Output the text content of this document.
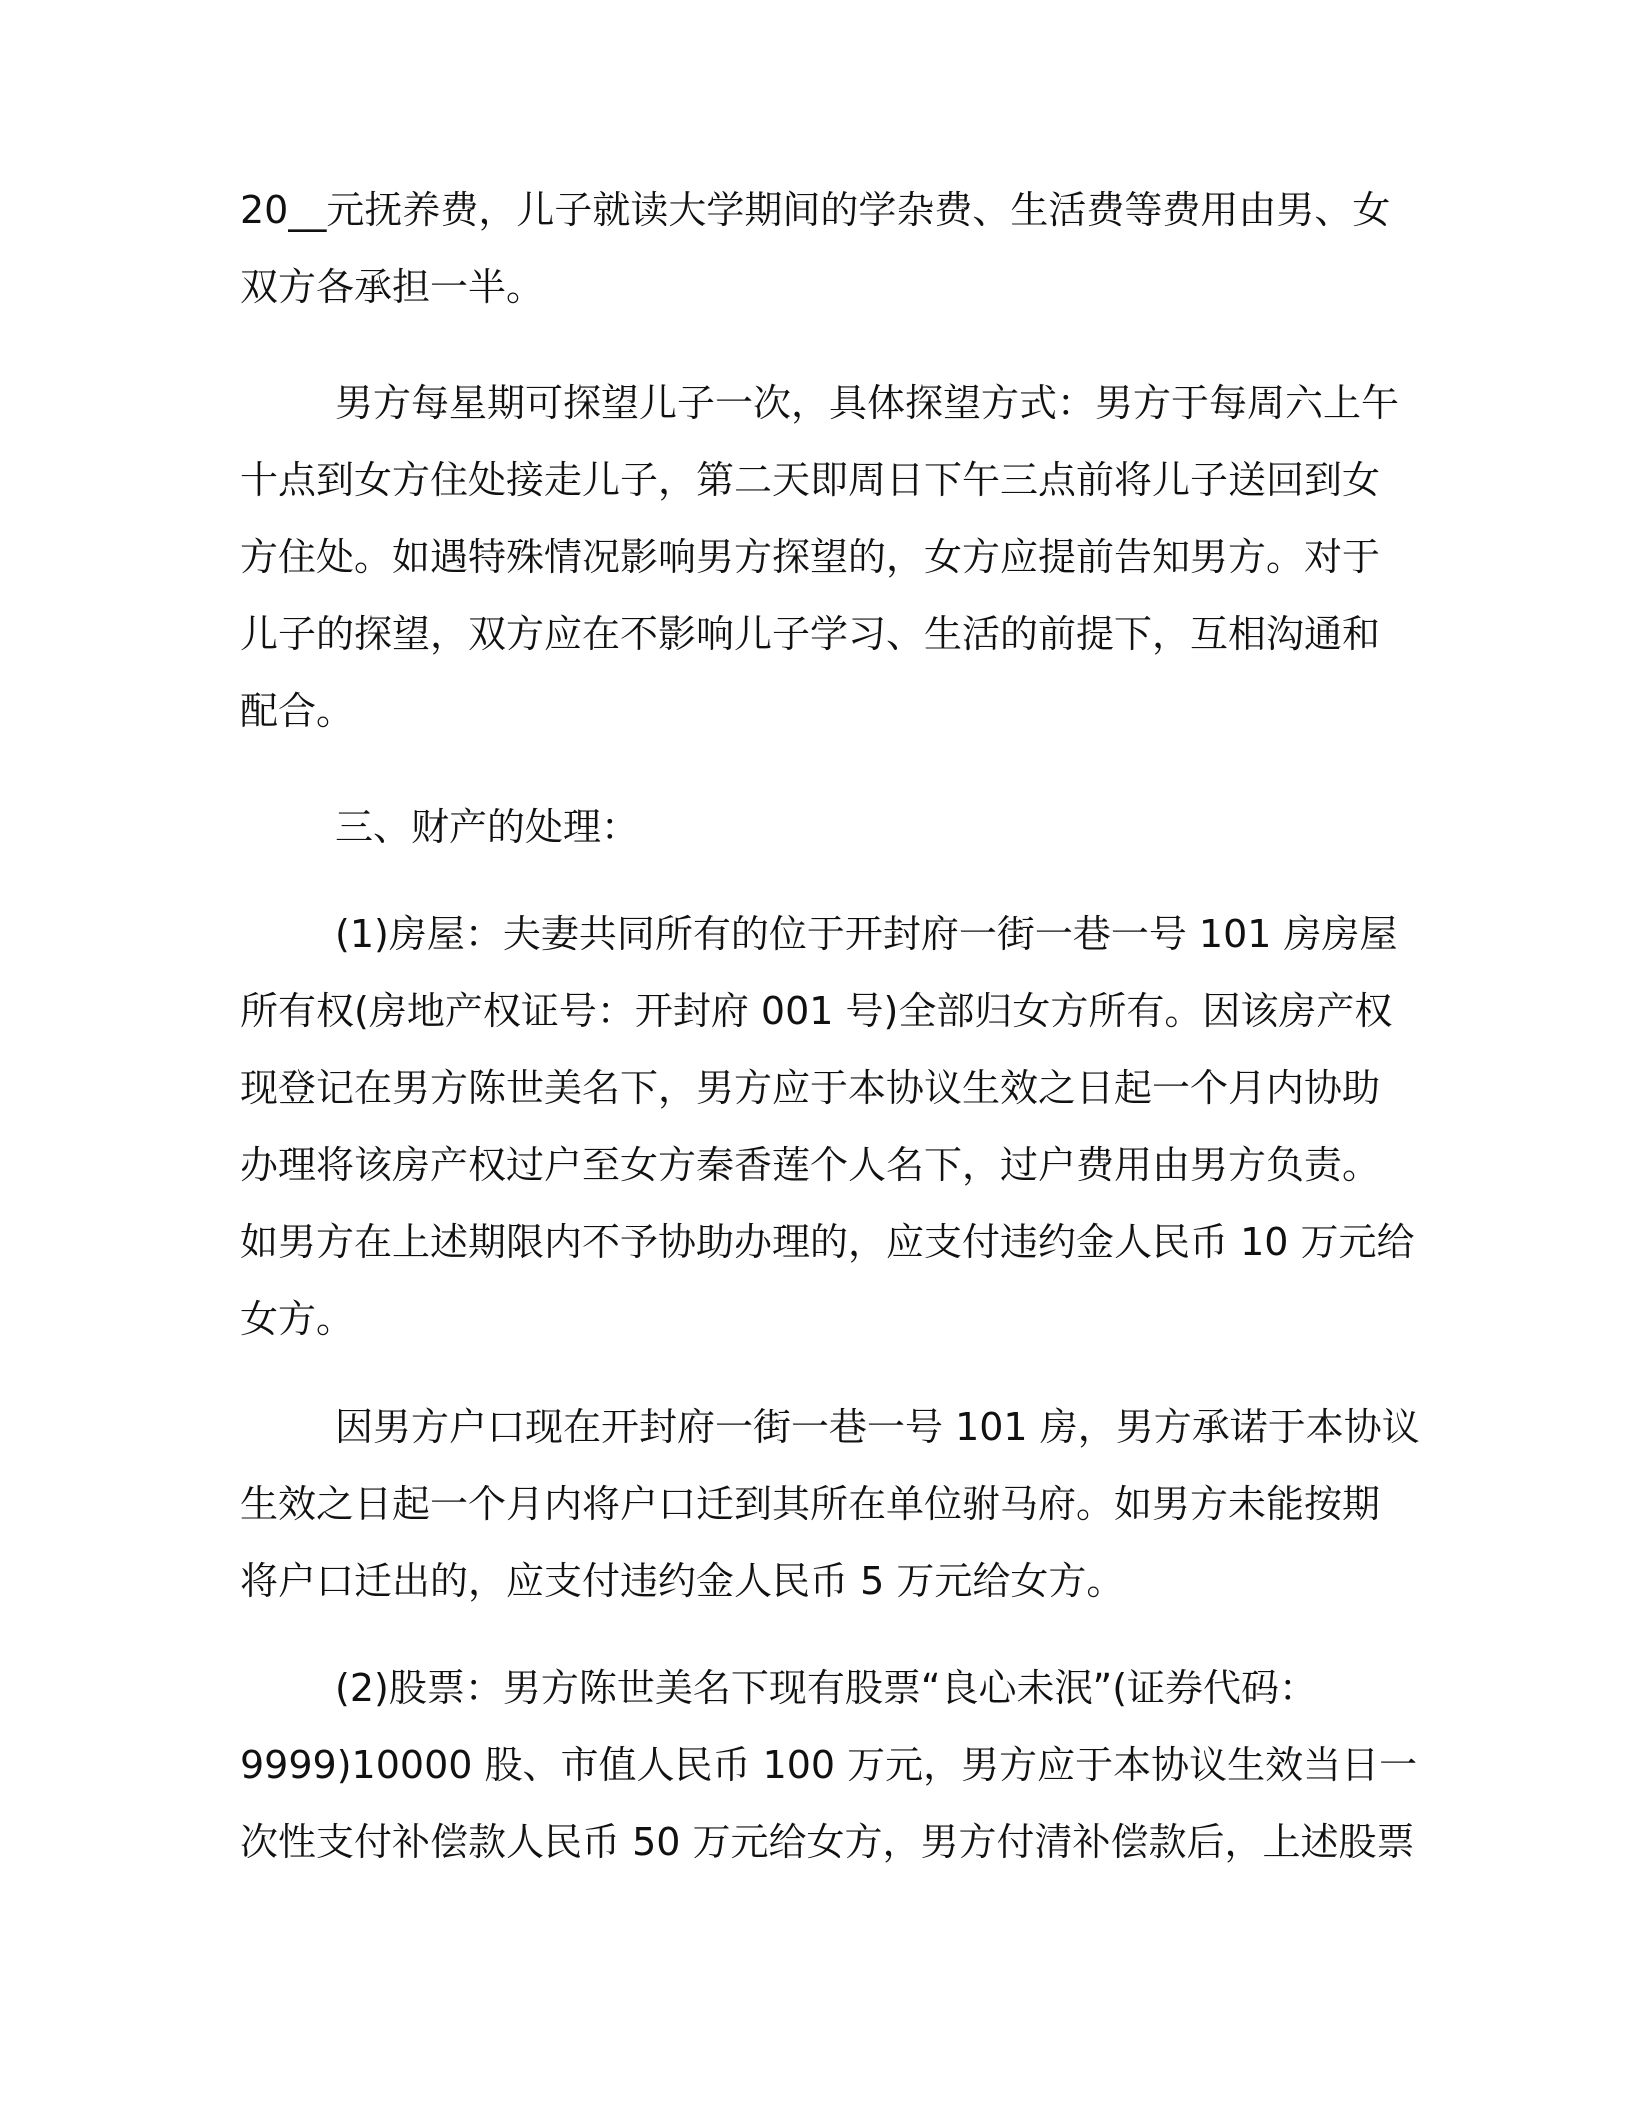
20__元抚养费，儿子就读大学期间的学杂费、生活费等费用由男、女
双方各承担一半。
男方每星期可探望儿子一次，具体探望方式：男方于每周六上午
十点到女方住处接走儿子，第二天即周日下午三点前将儿子送回到女
方住处。如遇特殊情况影响男方探望的，女方应提前告知男方。对于
儿子的探望，双方应在不影响儿子学习、生活的前提下，互相沟通和
配合。
三、财产的处理：
(1)房屋：夫妻共同所有的位于开封府一街一巷一号 101 房房屋
所有权(房地产权证号：开封府 001 号)全部归女方所有。因该房产权
现登记在男方陈世美名下，男方应于本协议生效之日起一个月内协助
办理将该房产权过户至女方秦香莲个人名下，过户费用由男方负责。
如男方在上述期限内不予协助办理的，应支付违约金人民币 10 万元给
女方。
因男方户口现在开封府一街一巷一号 101 房，男方承诺于本协议
生效之日起一个月内将户口迁到其所在单位驸马府。如男方未能按期
将户口迁出的，应支付违约金人民币 5 万元给女方。
(2)股票：男方陈世美名下现有股票“良心未泯”(证券代码：
9999)10000 股、市值人民币 100 万元，男方应于本协议生效当日一
次性支付补偿款人民币 50 万元给女方，男方付清补偿款后，上述股票
